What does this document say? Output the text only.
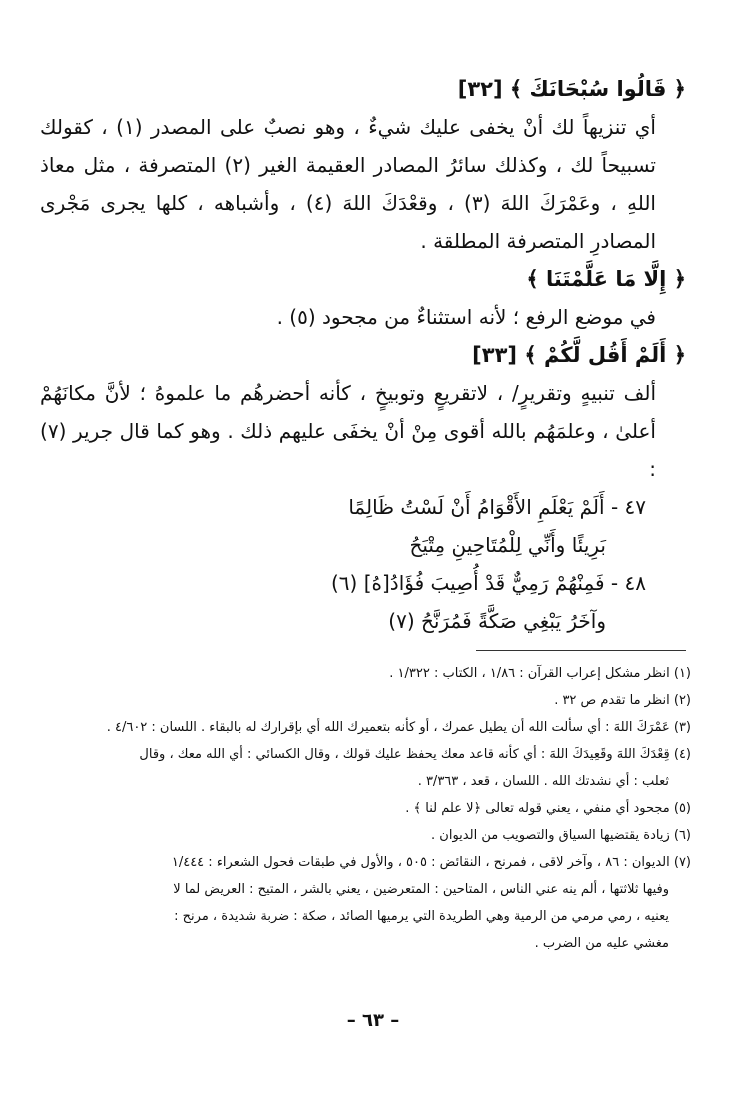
﴿ قَالُوا سُبْحَانَكَ ﴾ [٣٢]

أي تنزيهاً لك أنْ يخفى عليك شيءٌ ، وهو نصبٌ على المصدر (١) ، كقولك تسبيحاً لك ، وكذلك سائرُ المصادر العقيمة الغير (٢) المتصرفة ، مثل معاذ اللهِ ، وعَمْرَكَ اللهَ (٣) ، وقعْدَكَ اللهَ (٤) ، وأشباهه ، كلها يجرى مَجْرى المصادرِ المتصرفة المطلقة .

﴿ إِلَّا مَا عَلَّمْتَنَا ﴾

في موضع الرفع ؛ لأنه استثناءٌ من مجحود (٥) .

﴿ أَلَمْ أَقُل لَّكُمْ ﴾ [٣٣]

ألف تنبيهٍ وتقريرٍ/ ، لاتقريعٍ وتوبيخٍ ، كأنه أحضرهُم ما علموهُ ؛ لأنَّ مكانَهُمْ أعلىٰ ، وعلمَهُم بالله أقوى مِنْ أنْ يخفَى عليهم ذلك . وهو كما قال جرير (٧) :

٤٧ - أَلَمْ يَعْلَمِ الأَقْوَامُ أَنْ لَسْتُ ظَالِمًا

بَرِيئًا وأَنِّي لِلْمُتَاحِينِ مِتْيَحُ

٤٨ - فَمِنْهُمْ رَمِيٌّ قَدْ أُصِيبَ فُؤَادُ[هُ] (٦)

وآخَرُ يَبْغِي صَكَّةً فَمُرَنَّحُ (٧)

(١) انظر مشكل إعراب القرآن : ١/٨٦ ، الكتاب : ١/٣٢٢ .

(٢) انظر ما تقدم ص ٣٢ .

(٣) عَمْرَكَ اللهَ : أي سألت الله أن يطيل عمرك ، أو كأنه بتعميرك الله أي بإقرارك له بالبقاء . اللسان : ٤/٦٠٢ .

(٤) قِعْدَكَ اللهَ وقَعِيدَكَ اللهَ : أي كأنه قاعد معك يحفظ عليك قولك ، وقال الكسائي : أي الله معك ، وقال

ثعلب : أي نشدتك الله . اللسان ، قعد ، ٣/٣٦٣ .

(٥) مجحود أي منفي ، يعني قوله تعالى ﴿لا علم لنا ﴾ .

(٦) زيادة يقتضيها السياق والتصويب من الديوان .

(٧) الديوان : ٨٦ ، وآخر لاقى ، فمرنح ، النقائض : ٥٠٥ ، والأول في طبقات فحول الشعراء : ١/٤٤٤

وفيها ثلاثتها ، ألم ينه عني الناس ، المتاحين : المتعرضين ، يعني بالشر ، المتيح : العريض لما لا

يعنيه ، رمي مرمي من الرمية وهي الطريدة التي يرميها الصائد ، صكة : ضربة شديدة ، مرنح :

مغشي عليه من الضرب .

– ٦٣ –
